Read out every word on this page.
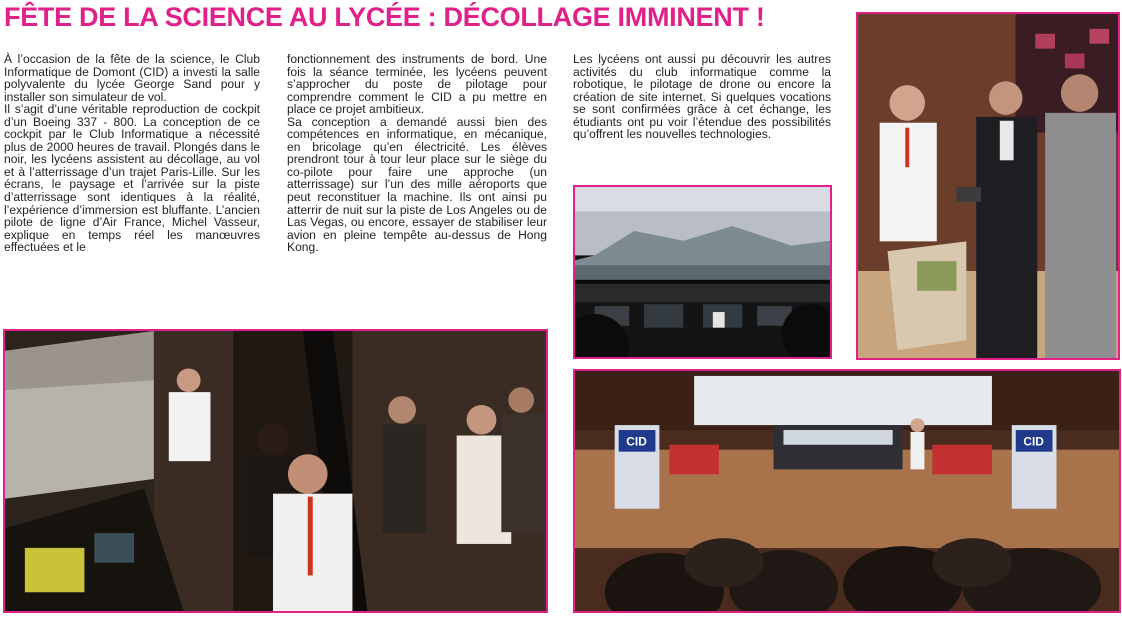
FÊTE DE LA SCIENCE AU LYCÉE : DÉCOLLAGE IMMINENT !

À l’occasion de la fête de la science, le Club Informatique de Domont (CID) a investi la salle polyvalente du lycée George Sand pour y installer son simulateur de vol.

Il s’agit d’une véritable reproduction de cockpit d’un Boeing 337 - 800. La conception de ce cockpit par le Club Informatique a nécessité plus de 2000 heures de travail. Plongés dans le noir, les lycéens assistent au décollage, au vol et à l’atterrissage d’un trajet Paris-Lille. Sur les écrans, le paysage et l’arrivée sur la piste d’atterrissage sont identiques à la réalité, l’expérience d’immersion est bluffante. L’ancien pilote de ligne d’Air France, Michel Vasseur, explique en temps réel les manœuvres effectuées et le

fonctionnement des instruments de bord. Une fois la séance terminée, les lycéens peuvent s’approcher du poste de pilotage pour comprendre comment le CID a pu mettre en place ce projet ambitieux.

Sa conception a demandé aussi bien des compétences en informatique, en mécanique, en bricolage qu’en électricité. Les élèves prendront tour à tour leur place sur le siège du co-pilote pour faire une approche (un atterrissage) sur l’un des mille aéroports que peut reconstituer la machine. Ils ont ainsi pu atterrir de nuit sur la piste de Los Angeles ou de Las Vegas, ou encore, essayer de stabiliser leur avion en pleine tempête au-dessus de Hong Kong.

Les lycéens ont aussi pu découvrir les autres activités du club informatique comme la robotique, le pilotage de drone ou encore la création de site internet. Si quelques vocations se sont confirmées grâce à cet échange, les étudiants ont pu voir l’étendue des possibilités qu’offrent les nouvelles technologies.

CID	CID
